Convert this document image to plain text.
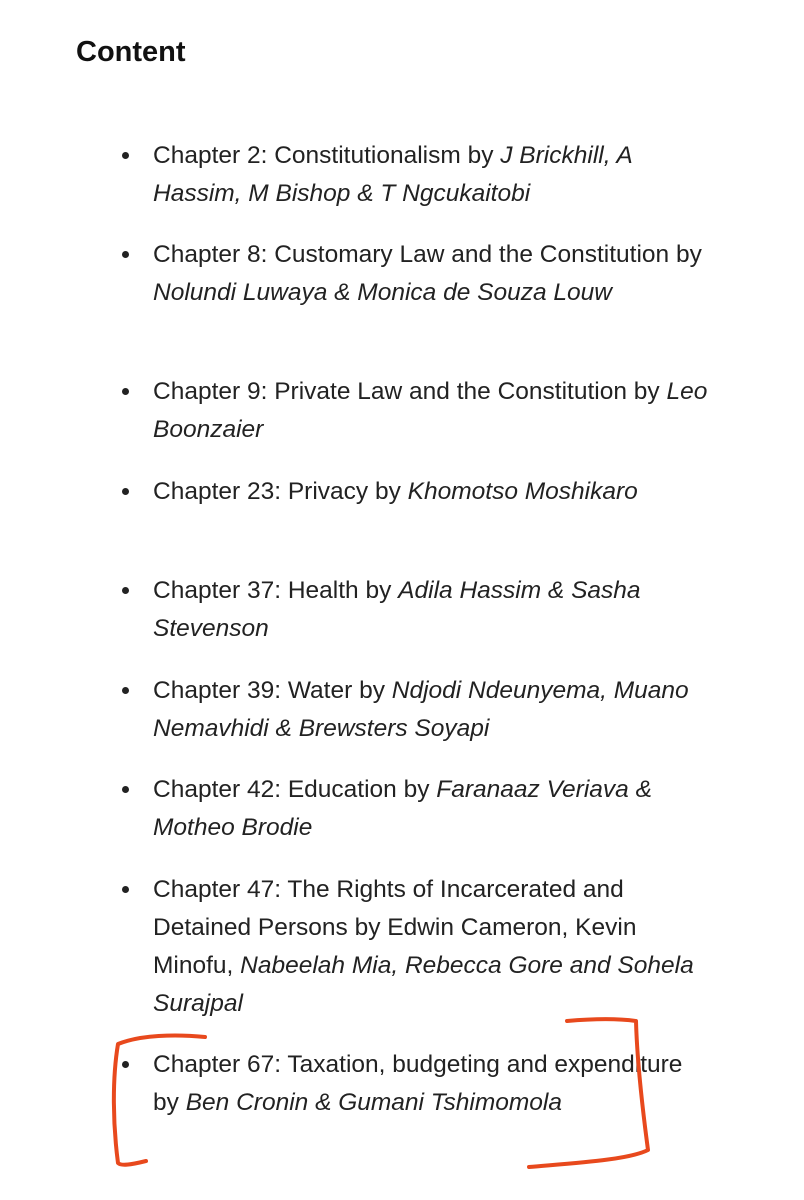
Content
Chapter 2: Constitutionalism by J Brickhill, A Hassim, M Bishop & T Ngcukaitobi
Chapter 8: Customary Law and the Constitution by Nolundi Luwaya & Monica de Souza Louw
Chapter 9: Private Law and the Constitution by Leo Boonzaier
Chapter 23: Privacy by Khomotso Moshikaro
Chapter 37: Health by Adila Hassim & Sasha Stevenson
Chapter 39: Water by Ndjodi Ndeunyema, Muano Nemavhidi & Brewsters Soyapi
Chapter 42: Education by Faranaaz Veriava & Motheo Brodie
Chapter 47: The Rights of Incarcerated and Detained Persons by Edwin Cameron, Kevin Minofu, Nabeelah Mia, Rebecca Gore and Sohela Surajpal
Chapter 67: Taxation, budgeting and expenditure by Ben Cronin & Gumani Tshimomola
